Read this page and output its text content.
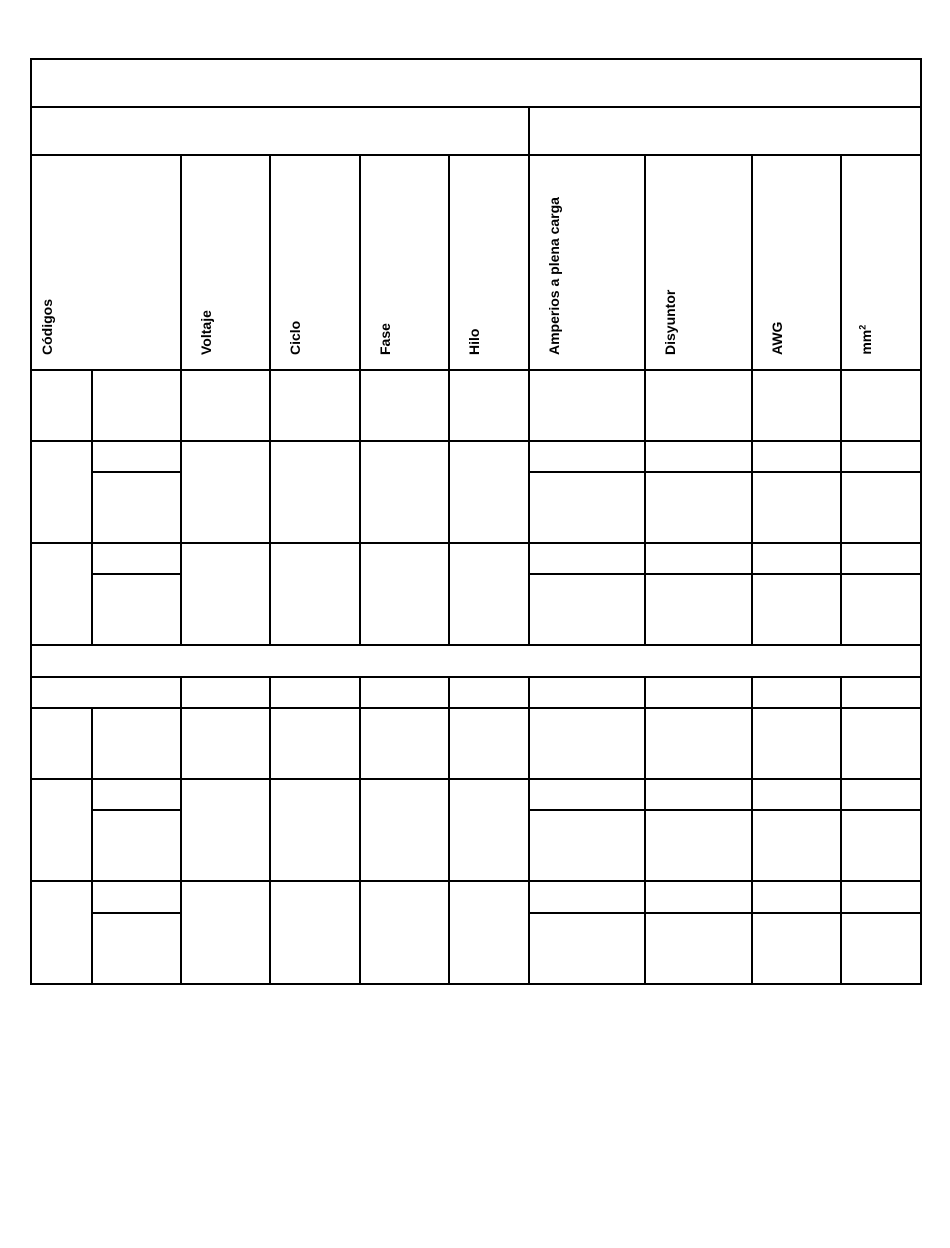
Códigos	Voltaje	Ciclo	Fase	Hilo	Amperios a plena carga	Disyuntor	AWG	$mm^2$
